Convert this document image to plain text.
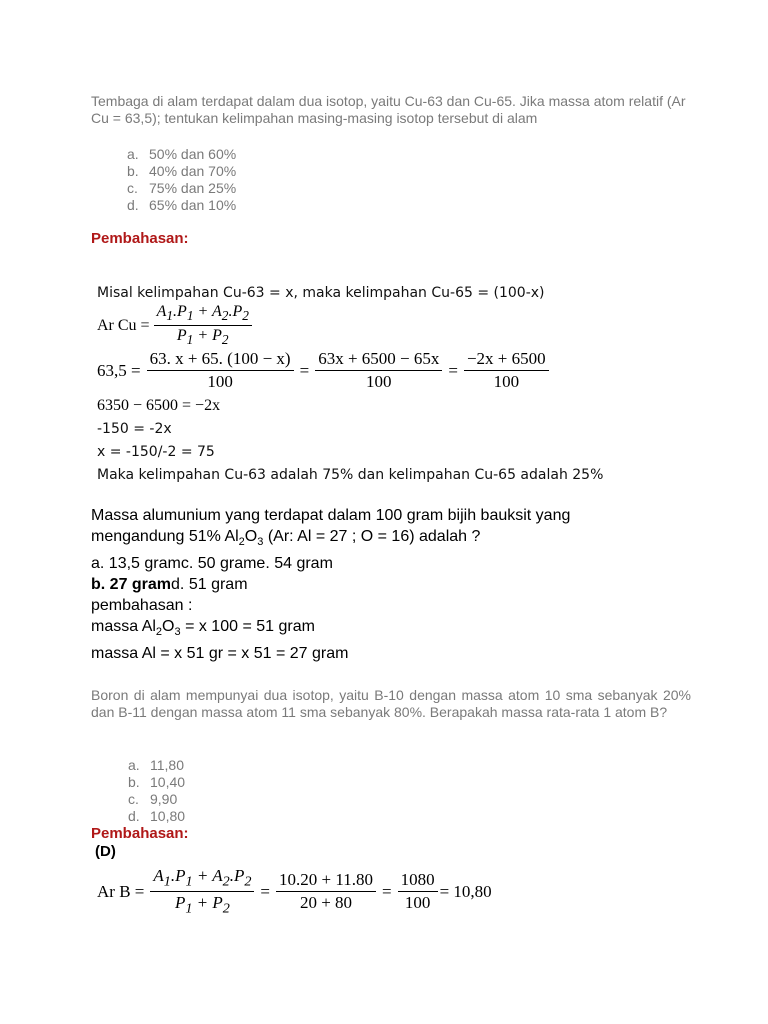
Tembaga di alam terdapat dalam dua isotop, yaitu Cu-63 dan Cu-65. Jika massa atom relatif (Ar Cu = 63,5); tentukan kelimpahan masing-masing isotop tersebut di alam
a. 50% dan 60%
b. 40% dan 70%
c. 75% dan 25%
d. 65% dan 10%
Pembahasan:
Misal kelimpahan Cu-63 = x, maka kelimpahan Cu-65 = (100-x)
Ar $Cu = \frac{A_1.P_1 + A_2.P_2}{P_1 + P_2}$
$63,5 = \frac{63. x + 65. (100 - x)}{100} = \frac{63x + 6500 - 65x}{100} = \frac{-2x + 6500}{100}$
6350 − 6500 = −2x
-150 = -2x
x = -150/-2 = 75
Maka kelimpahan Cu-63 adalah 75% dan kelimpahan Cu-65 adalah 25%
Massa alumunium yang terdapat dalam 100 gram bijih bauksit yang
mengandung 51% $Al_2O_3$ (Ar: Al = 27 ; O = 16) adalah ?
a. 13,5 gramc. 50 grame. 54 gram
b. 27 gramd. 51 gram
pembahasan :
massa $Al_2O_3 = x$ 100 = 51 gram
massa Al = x 51 gr = x 51 = 27 gram
Boron di alam mempunyai dua isotop, yaitu B-10 dengan massa atom 10 sma sebanyak 20% dan B-11 dengan massa atom 11 sma sebanyak 80%. Berapakah massa rata-rata 1 atom B?
a. 11,80
b. 10,40
c. 9,90
d. 10,80
Pembahasan:
(D)
Ar $B = \frac{A_1.P_1 + A_2.P_2}{P_1 + P_2} = \frac{10.20 + 11.80}{20 + 80} = \frac{1080}{100} = 10,80$
